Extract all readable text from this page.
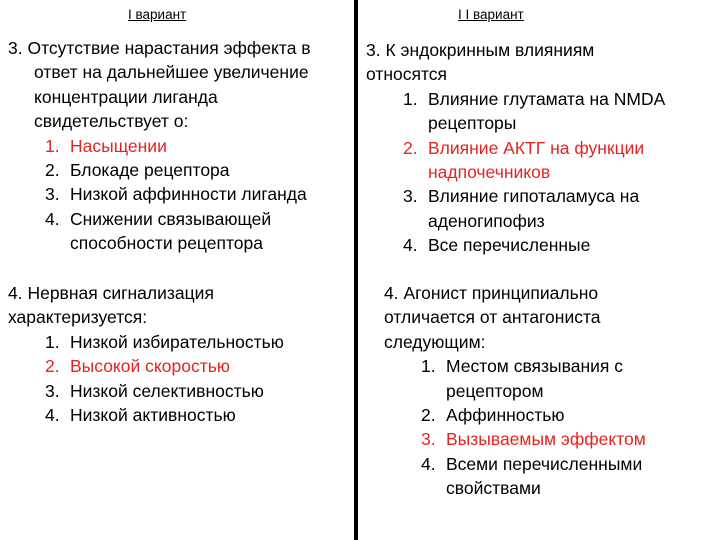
I вариант	I I вариант
3. Отсутствие нарастания эффекта в
ответ на дальнейшее увеличение
концентрации лиганда
свидетельствует о:
1. Насыщении
2. Блокаде рецептора
3. Низкой аффинности лиганда
4. Снижении связывающей
способности рецептора
4. Нервная сигнализация
характеризуется:
1. Низкой избирательностью
2. Высокой скоростью
3. Низкой селективностью
4. Низкой активностью
3. К эндокринным влияниям
относятся
1. Влияние глутамата на NMDA
рецепторы
2. Влияние АКТГ на функции
надпочечников
3. Влияние гипоталамуса на
аденогипофиз
4. Все перечисленные
4. Агонист принципиально
отличается от антагониста
следующим:
1. Местом связывания с
рецептором
2. Аффинностью
3. Вызываемым эффектом
4. Всеми перечисленными
свойствами
